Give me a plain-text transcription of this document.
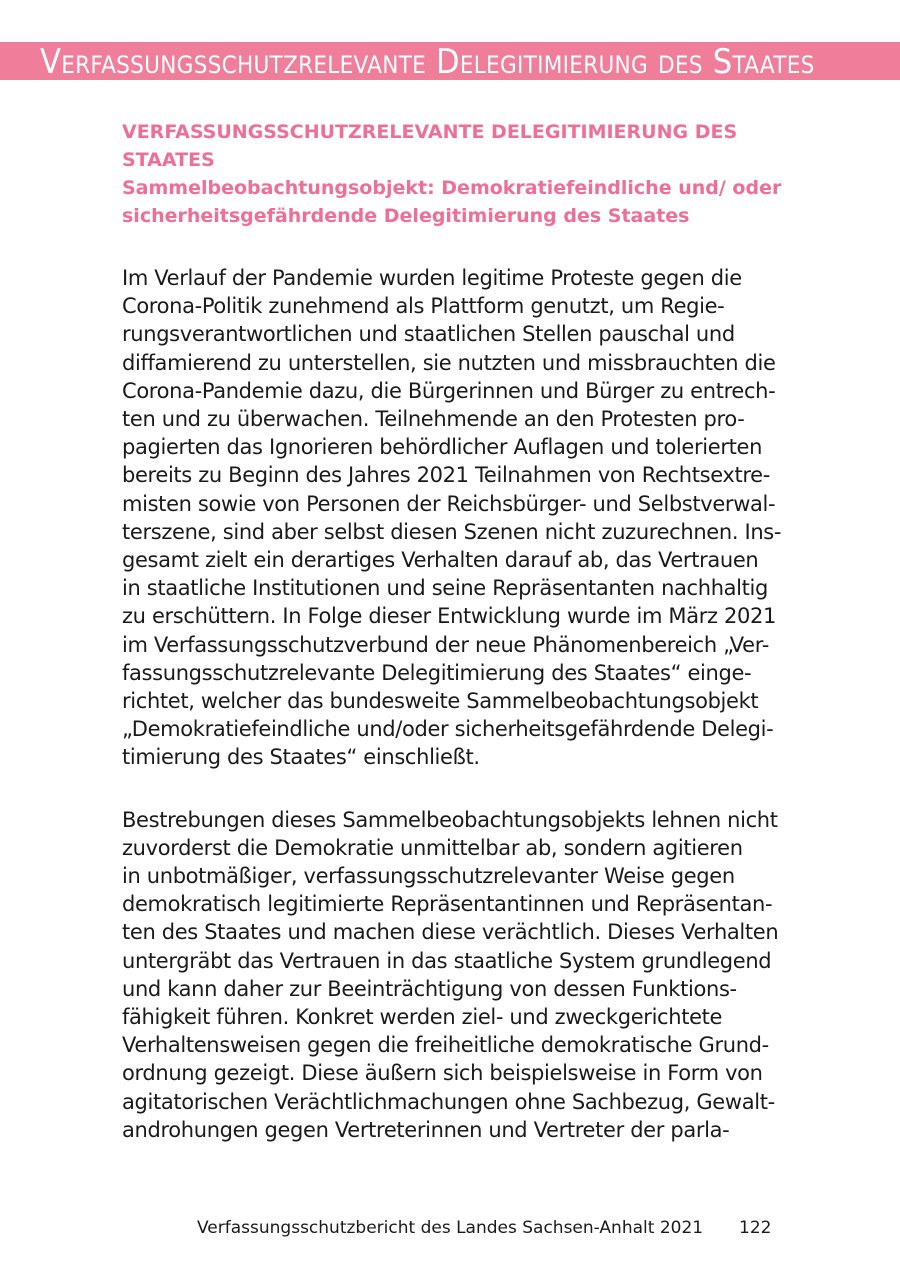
Verfassungsschutzrelevante Delegitimierung des Staates
VERFASSUNGSSCHUTZRELEVANTE DELEGITIMIERUNG DES
STAATES
Sammelbeobachtungsobjekt: Demokratiefeindliche und/ oder
sicherheitsgefährdende Delegitimierung des Staates

Im Verlauf der Pandemie wurden legitime Proteste gegen die
Corona-Politik zunehmend als Plattform genutzt, um Regie-
rungsverantwortlichen und staatlichen Stellen pauschal und
diffamierend zu unterstellen, sie nutzten und missbrauchten die
Corona-Pandemie dazu, die Bürgerinnen und Bürger zu entrech-
ten und zu überwachen. Teilnehmende an den Protesten pro-
pagierten das Ignorieren behördlicher Auflagen und tolerierten
bereits zu Beginn des Jahres 2021 Teilnahmen von Rechtsextre-
misten sowie von Personen der Reichsbürger- und Selbstverwal-
terszene, sind aber selbst diesen Szenen nicht zuzurechnen. Ins-
gesamt zielt ein derartiges Verhalten darauf ab, das Vertrauen
in staatliche Institutionen und seine Repräsentanten nachhaltig
zu erschüttern. In Folge dieser Entwicklung wurde im März 2021
im Verfassungsschutzverbund der neue Phänomenbereich „Ver-
fassungsschutzrelevante Delegitimierung des Staates“ einge-
richtet, welcher das bundesweite Sammelbeobachtungsobjekt
„Demokratiefeindliche und/oder sicherheitsgefährdende Delegi-
timierung des Staates“ einschließt.

Bestrebungen dieses Sammelbeobachtungsobjekts lehnen nicht
zuvorderst die Demokratie unmittelbar ab, sondern agitieren
in unbotmäßiger, verfassungsschutzrelevanter Weise gegen
demokratisch legitimierte Repräsentantinnen und Repräsentan-
ten des Staates und machen diese verächtlich. Dieses Verhalten
untergräbt das Vertrauen in das staatliche System grundlegend
und kann daher zur Beeinträchtigung von dessen Funktions-
fähigkeit führen. Konkret werden ziel- und zweckgerichtete
Verhaltensweisen gegen die freiheitliche demokratische Grund-
ordnung gezeigt. Diese äußern sich beispielsweise in Form von
agitatorischen Verächtlichmachungen ohne Sachbezug, Gewalt-
androhungen gegen Vertreterinnen und Vertreter der parla-

Verfassungsschutzbericht des Landes Sachsen-Anhalt 2021 122
